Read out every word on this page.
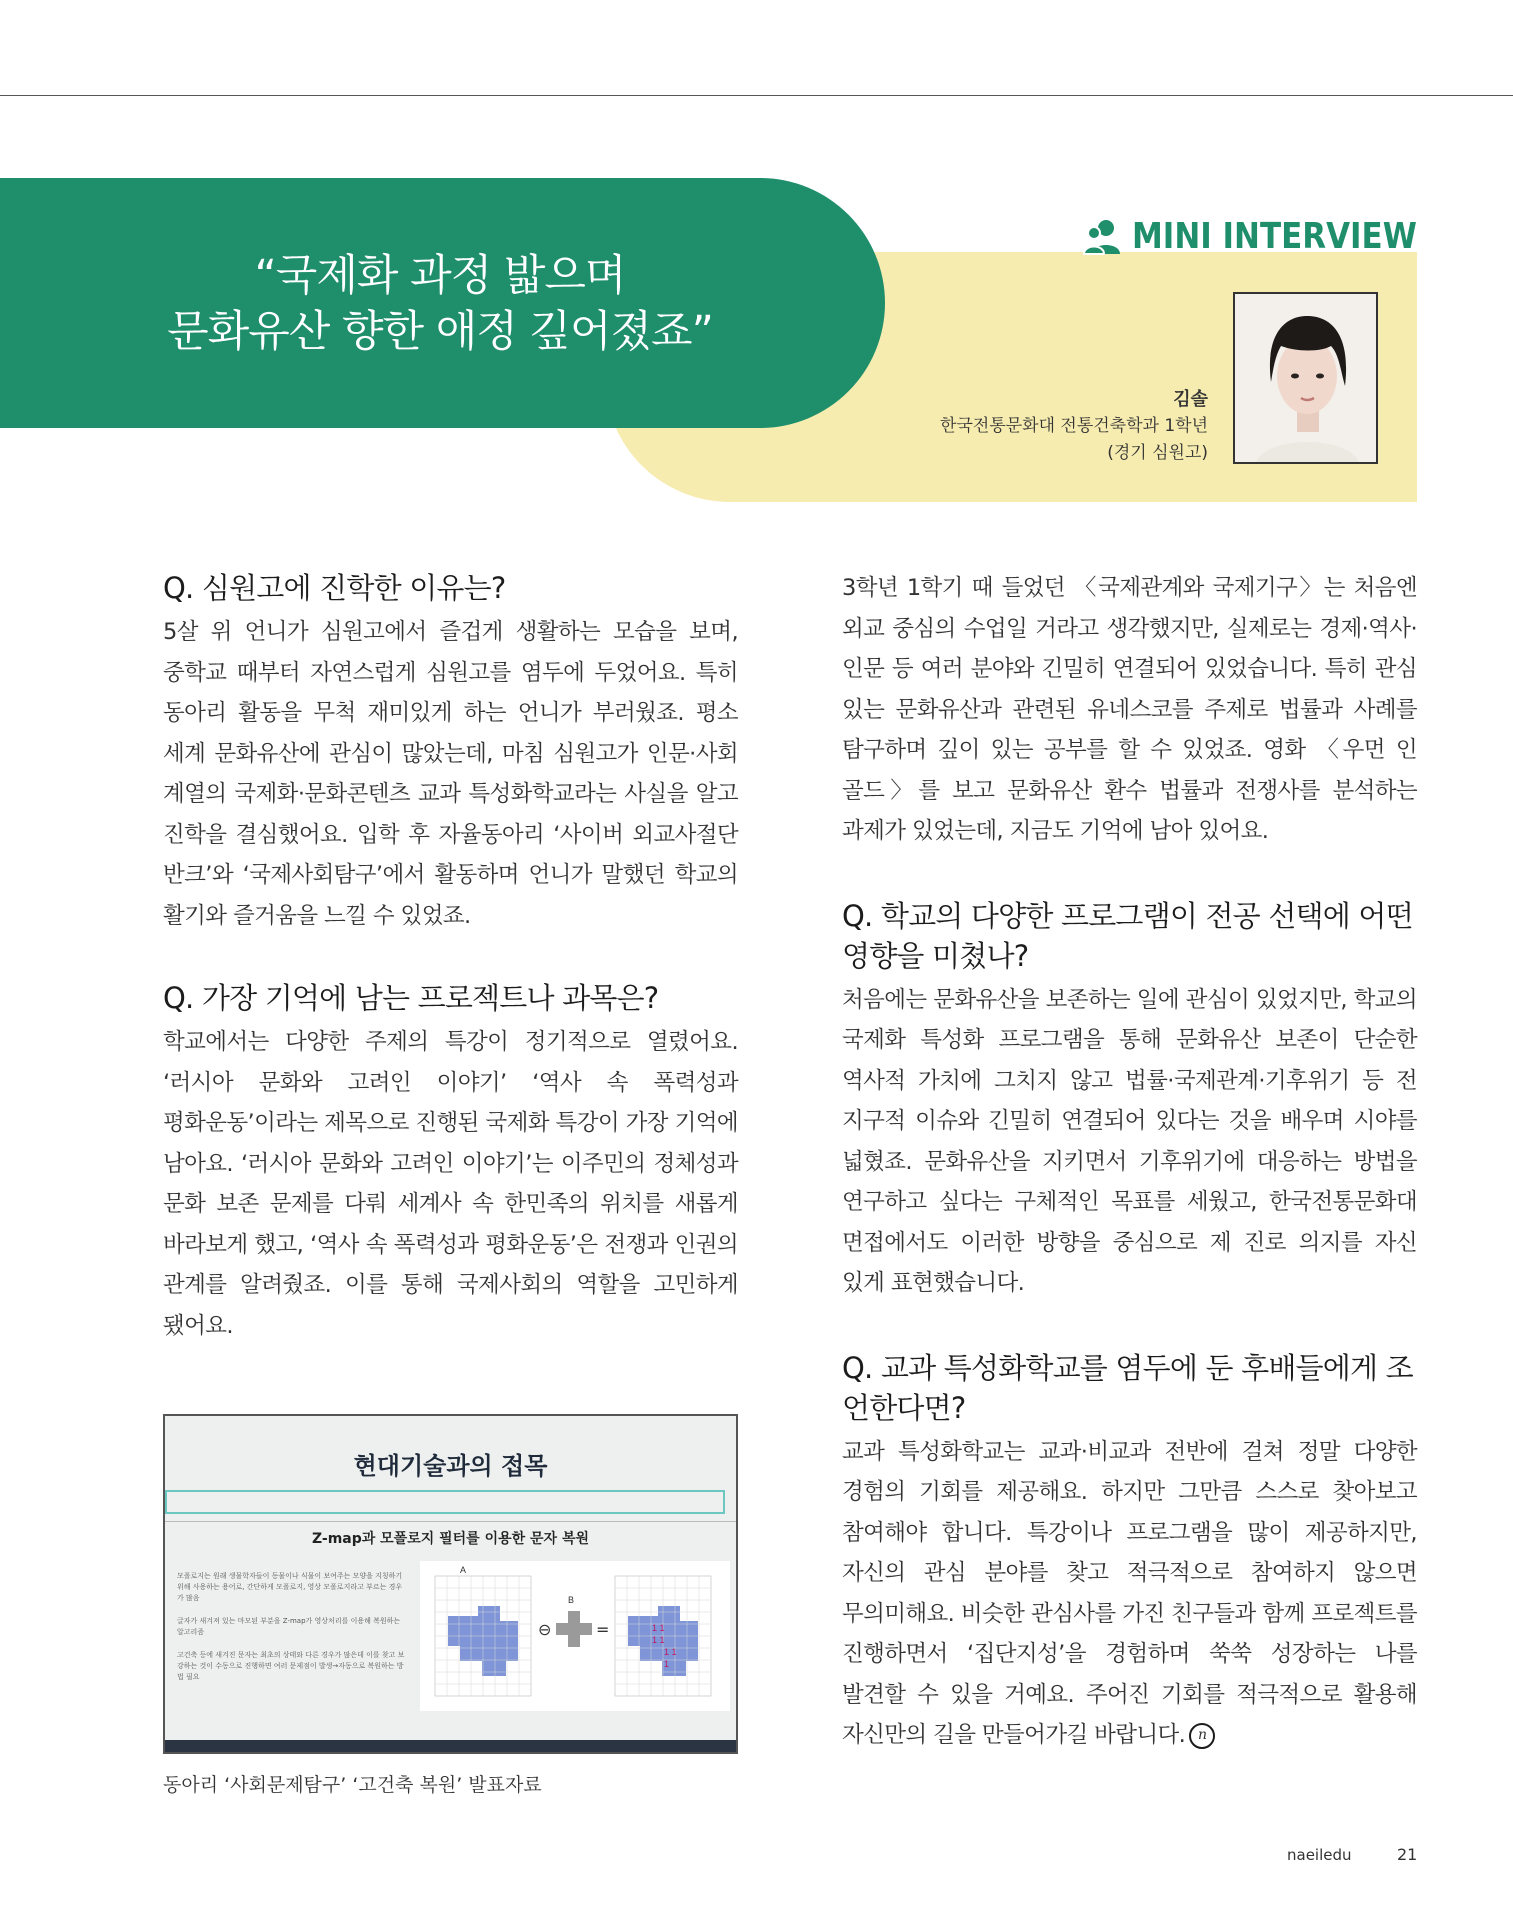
“국제화 과정 밟으며
문화유산 향한 애정 깊어졌죠”
MINI INTERVIEW
김솔
한국전통문화대 전통건축학과 1학년
(경기 심원고)
Q. 심원고에 진학한 이유는?

5살 위 언니가 심원고에서 즐겁게 생활하는 모습을 보며, 중학교 때부터 자연스럽게 심원고를 염두에 두었어요. 특히 동아리 활동을 무척 재미있게 하는 언니가 부러웠죠. 평소 세계 문화유산에 관심이 많았는데, 마침 심원고가 인문·사회 계열의 국제화·문화콘텐츠 교과 특성화학교라는 사실을 알고 진학을 결심했어요. 입학 후 자율동아리 ‘사이버 외교사절단 반크’와 ‘국제사회탐구’에서 활동하며 언니가 말했던 학교의 활기와 즐거움을 느낄 수 있었죠.

Q. 가장 기억에 남는 프로젝트나 과목은?

학교에서는 다양한 주제의 특강이 정기적으로 열렸어요. ‘러시아 문화와 고려인 이야기’ ‘역사 속 폭력성과 평화운동’이라는 제목으로 진행된 국제화 특강이 가장 기억에 남아요. ‘러시아 문화와 고려인 이야기’는 이주민의 정체성과 문화 보존 문제를 다뤄 세계사 속 한민족의 위치를 새롭게 바라보게 했고, ‘역사 속 폭력성과 평화운동’은 전쟁과 인권의 관계를 알려줬죠. 이를 통해 국제사회의 역할을 고민하게 됐어요.

현대기술과의 접목
Z-map과 모폴로지 필터를 이용한 문자 복원

모폴로지는 원래 생물학자들이 동물이나 식물이 보여주는 모양을 지칭하기 위해 사용하는 용어로, 간단하게 모폴로지, 영상 모폴로지라고 부르는 경우가 많음

글자가 새겨져 있는 마모된 부분을 Z-map가 영상처리를 이용해 복원하는 알고리즘

고건축 등에 새겨진 문자는 최초의 상태와 다른 경우가 많은데 이를 찾고 보강하는 것이 수동으로 진행하면 여러 문제점이 발생→자동으로 복원하는 방법 필요

A
B
⊖	=	1 1
1 1
1 1
1
동아리 ‘사회문제탐구’ ‘고건축 복원’ 발표자료

3학년 1학기 때 들었던 〈국제관계와 국제기구〉는 처음엔 외교 중심의 수업일 거라고 생각했지만, 실제로는 경제·역사·인문 등 여러 분야와 긴밀히 연결되어 있었습니다. 특히 관심 있는 문화유산과 관련된 유네스코를 주제로 법률과 사례를 탐구하며 깊이 있는 공부를 할 수 있었죠. 영화 〈우먼 인 골드〉를 보고 문화유산 환수 법률과 전쟁사를 분석하는 과제가 있었는데, 지금도 기억에 남아 있어요.

Q. 학교의 다양한 프로그램이 전공 선택에 어떤 영향을 미쳤나?

처음에는 문화유산을 보존하는 일에 관심이 있었지만, 학교의 국제화 특성화 프로그램을 통해 문화유산 보존이 단순한 역사적 가치에 그치지 않고 법률·국제관계·기후위기 등 전 지구적 이슈와 긴밀히 연결되어 있다는 것을 배우며 시야를 넓혔죠. 문화유산을 지키면서 기후위기에 대응하는 방법을 연구하고 싶다는 구체적인 목표를 세웠고, 한국전통문화대 면접에서도 이러한 방향을 중심으로 제 진로 의지를 자신 있게 표현했습니다.

Q. 교과 특성화학교를 염두에 둔 후배들에게 조언한다면?

교과 특성화학교는 교과·비교과 전반에 걸쳐 정말 다양한 경험의 기회를 제공해요. 하지만 그만큼 스스로 찾아보고 참여해야 합니다. 특강이나 프로그램을 많이 제공하지만, 자신의 관심 분야를 찾고 적극적으로 참여하지 않으면 무의미해요. 비슷한 관심사를 가진 친구들과 함께 프로젝트를 진행하면서 ‘집단지성’을 경험하며 쑥쑥 성장하는 나를 발견할 수 있을 거예요. 주어진 기회를 적극적으로 활용해 자신만의 길을 만들어가길 바랍니다. n

naeiledu	21
